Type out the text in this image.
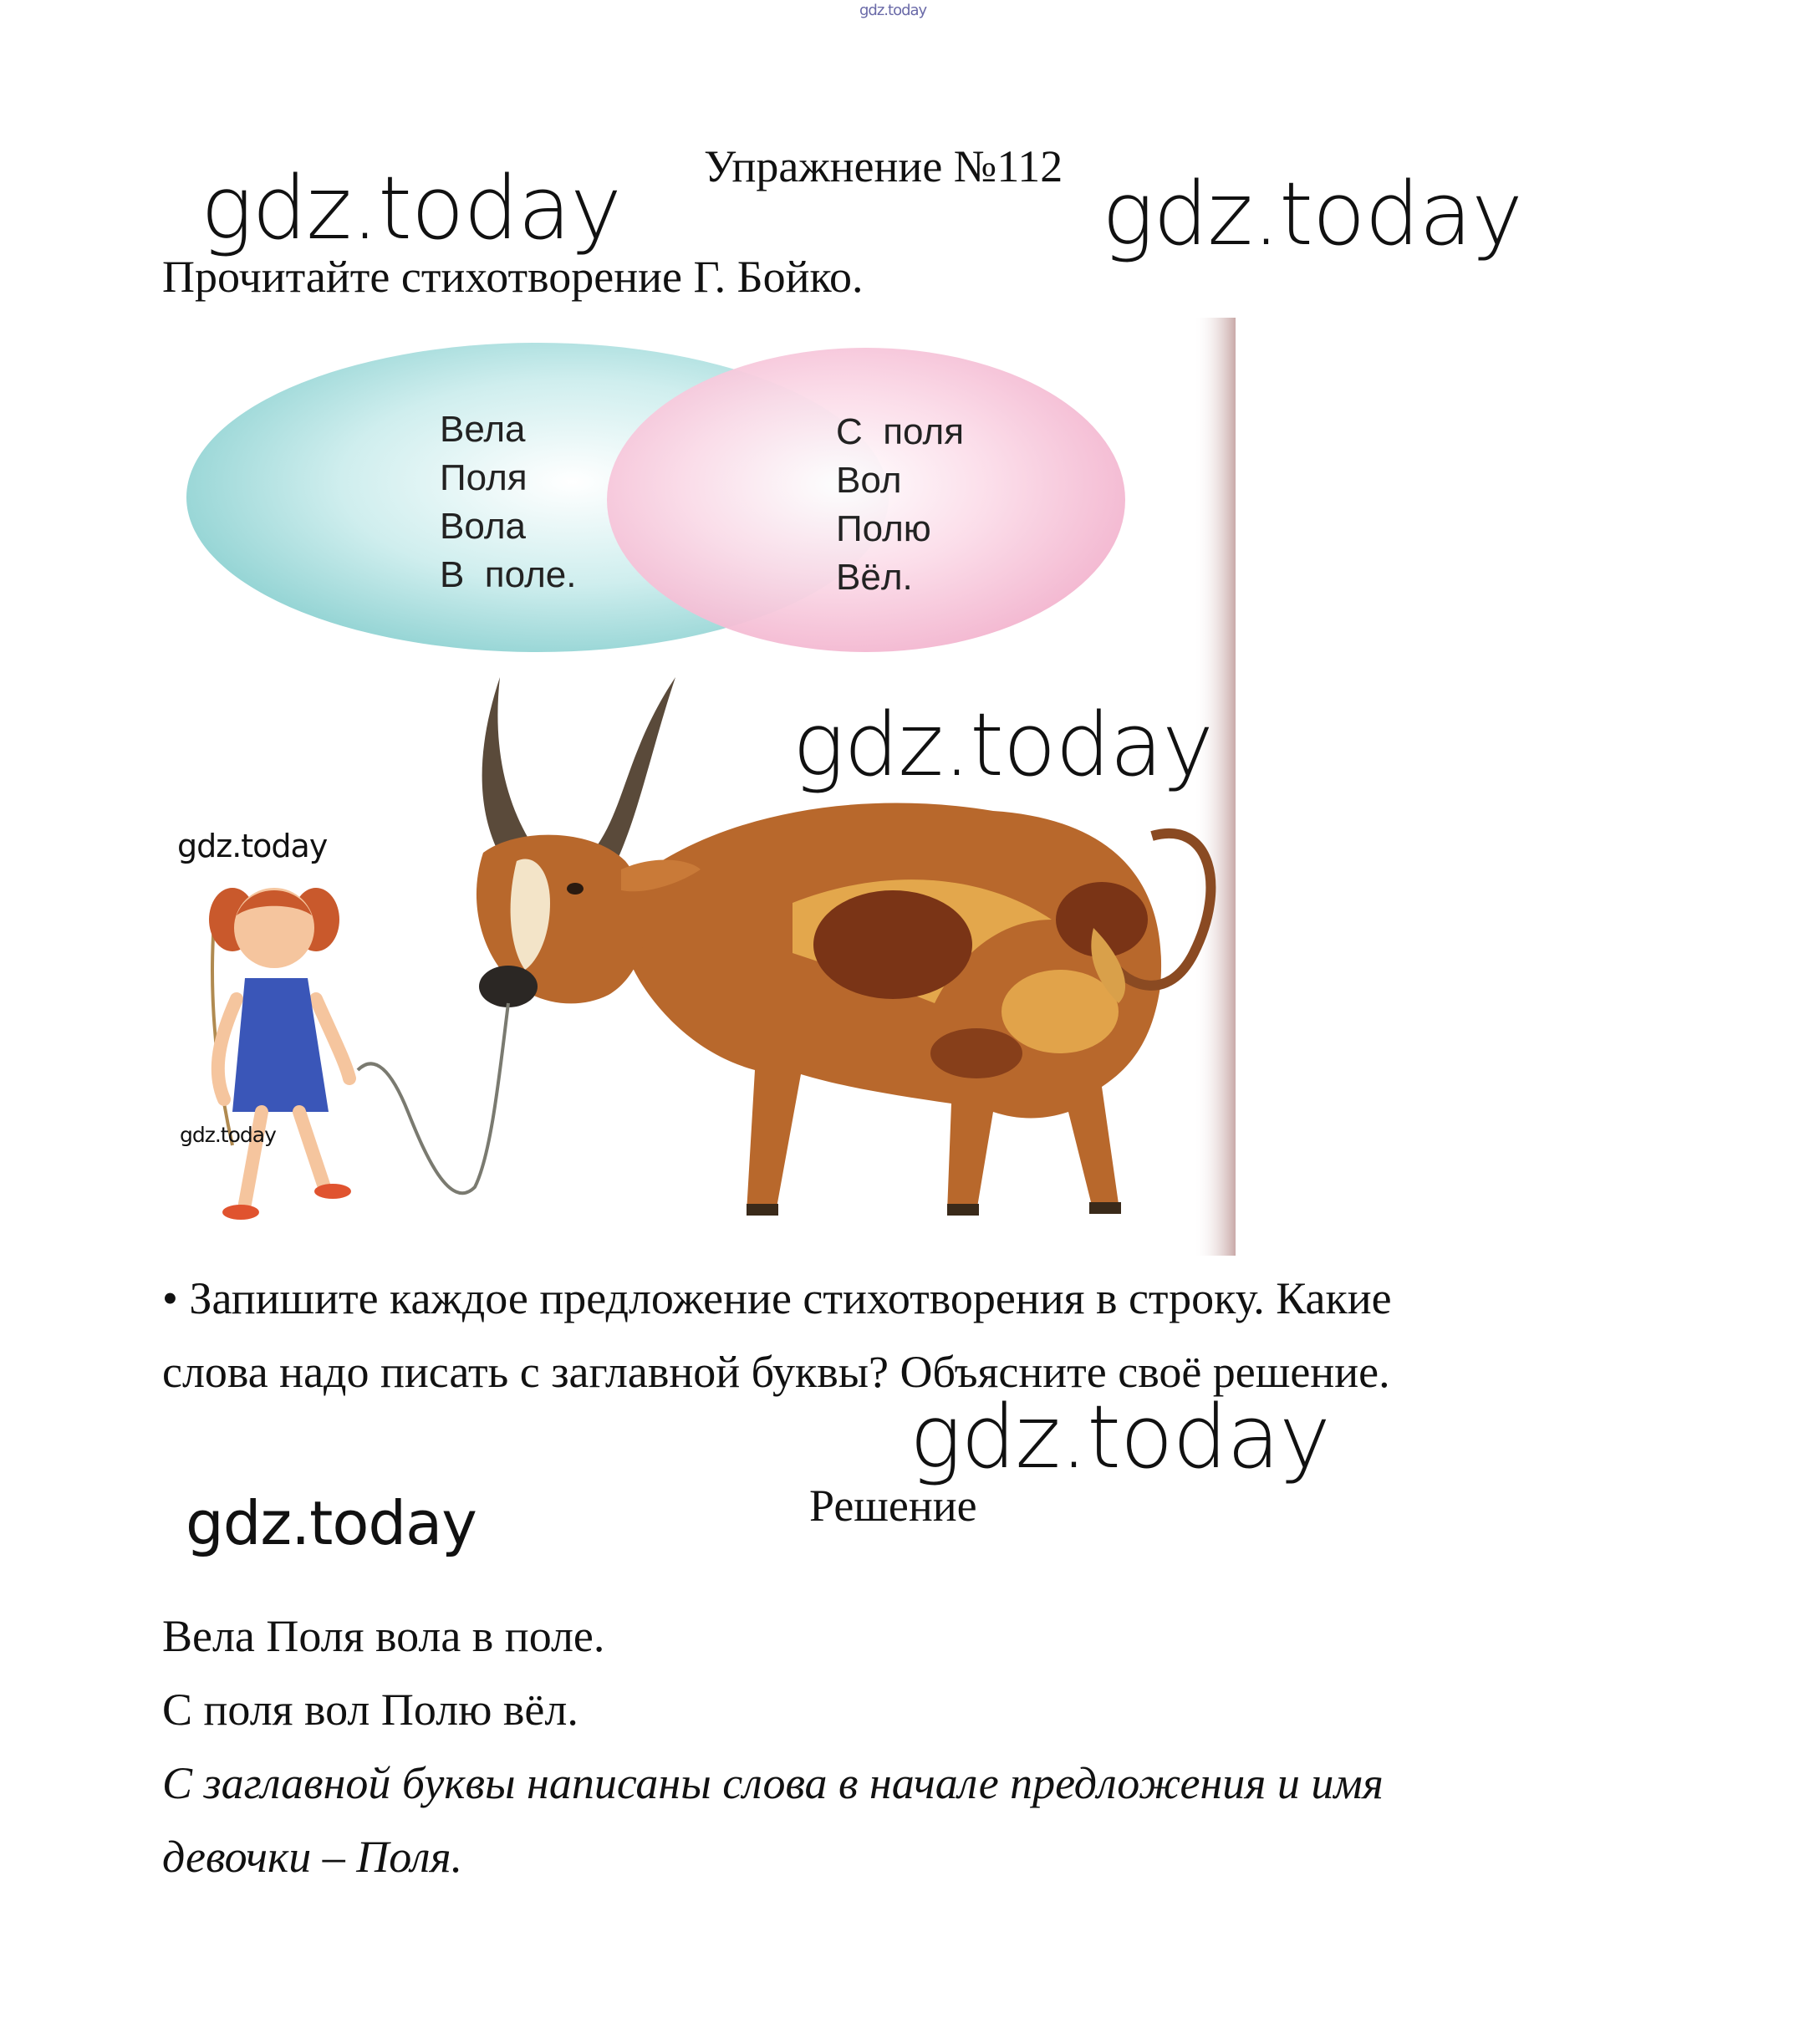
gdz.today
Упражнение №112
gdz.today	gdz.today
Прочитайте стихотворение Г. Бойко.
Вела
Поля
Вола
В  поле.
С  поля
Вол
Полю
Вёл.
gdz.today
gdz.today
gdz.today
• Запишите каждое предложение стихотворения в строку. Какие
слова надо писать с заглавной буквы? Объясните своё решение.
gdz.today
gdz.today	Решение
Вела Поля вола в поле.
С поля вол Полю вёл.
С заглавной буквы написаны слова в начале предложения и имя
девочки – Поля.
